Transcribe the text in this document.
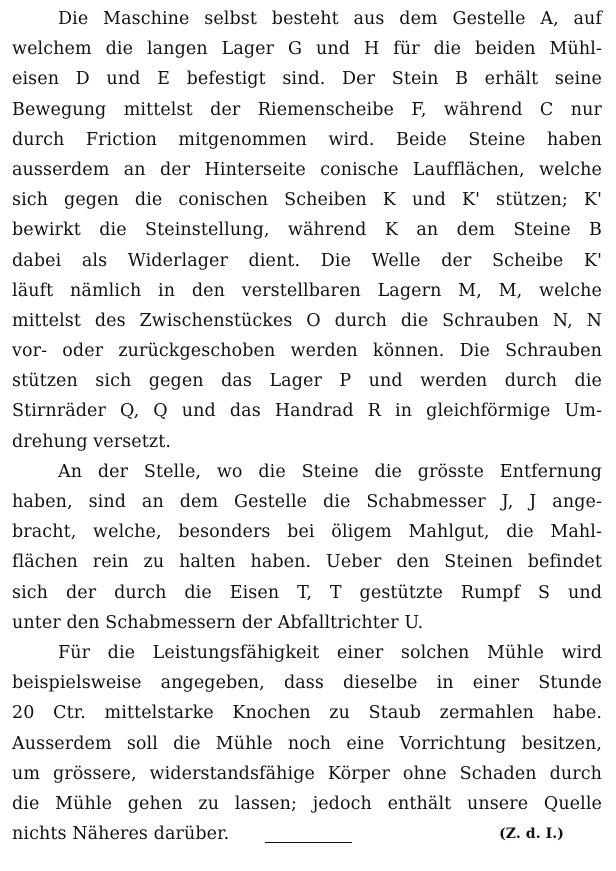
Die Maschine selbst besteht aus dem Gestelle A, auf
welchem die langen Lager G und H für die beiden Mühl-
eisen D und E befestigt sind. Der Stein B erhält seine
Bewegung mittelst der Riemenscheibe F, während C nur
durch Friction mitgenommen wird. Beide Steine haben
ausserdem an der Hinterseite conische Laufflächen, welche
sich gegen die conischen Scheiben K und K' stützen; K'
bewirkt die Steinstellung, während K an dem Steine B
dabei als Widerlager dient. Die Welle der Scheibe K'
läuft nämlich in den verstellbaren Lagern M, M, welche
mittelst des Zwischenstückes O durch die Schrauben N, N
vor- oder zurückgeschoben werden können. Die Schrauben
stützen sich gegen das Lager P und werden durch die
Stirnräder Q, Q und das Handrad R in gleichförmige Um-
drehung versetzt.
An der Stelle, wo die Steine die grösste Entfernung
haben, sind an dem Gestelle die Schabmesser J, J ange-
bracht, welche, besonders bei öligem Mahlgut, die Mahl-
flächen rein zu halten haben. Ueber den Steinen befindet
sich der durch die Eisen T, T gestützte Rumpf S und
unter den Schabmessern der Abfalltrichter U.
Für die Leistungsfähigkeit einer solchen Mühle wird
beispielsweise angegeben, dass dieselbe in einer Stunde
20 Ctr. mittelstarke Knochen zu Staub zermahlen habe.
Ausserdem soll die Mühle noch eine Vorrichtung besitzen,
um grössere, widerstandsfähige Körper ohne Schaden durch
die Mühle gehen zu lassen; jedoch enthält unsere Quelle
nichts Näheres darüber.	(Z. d. I.)
